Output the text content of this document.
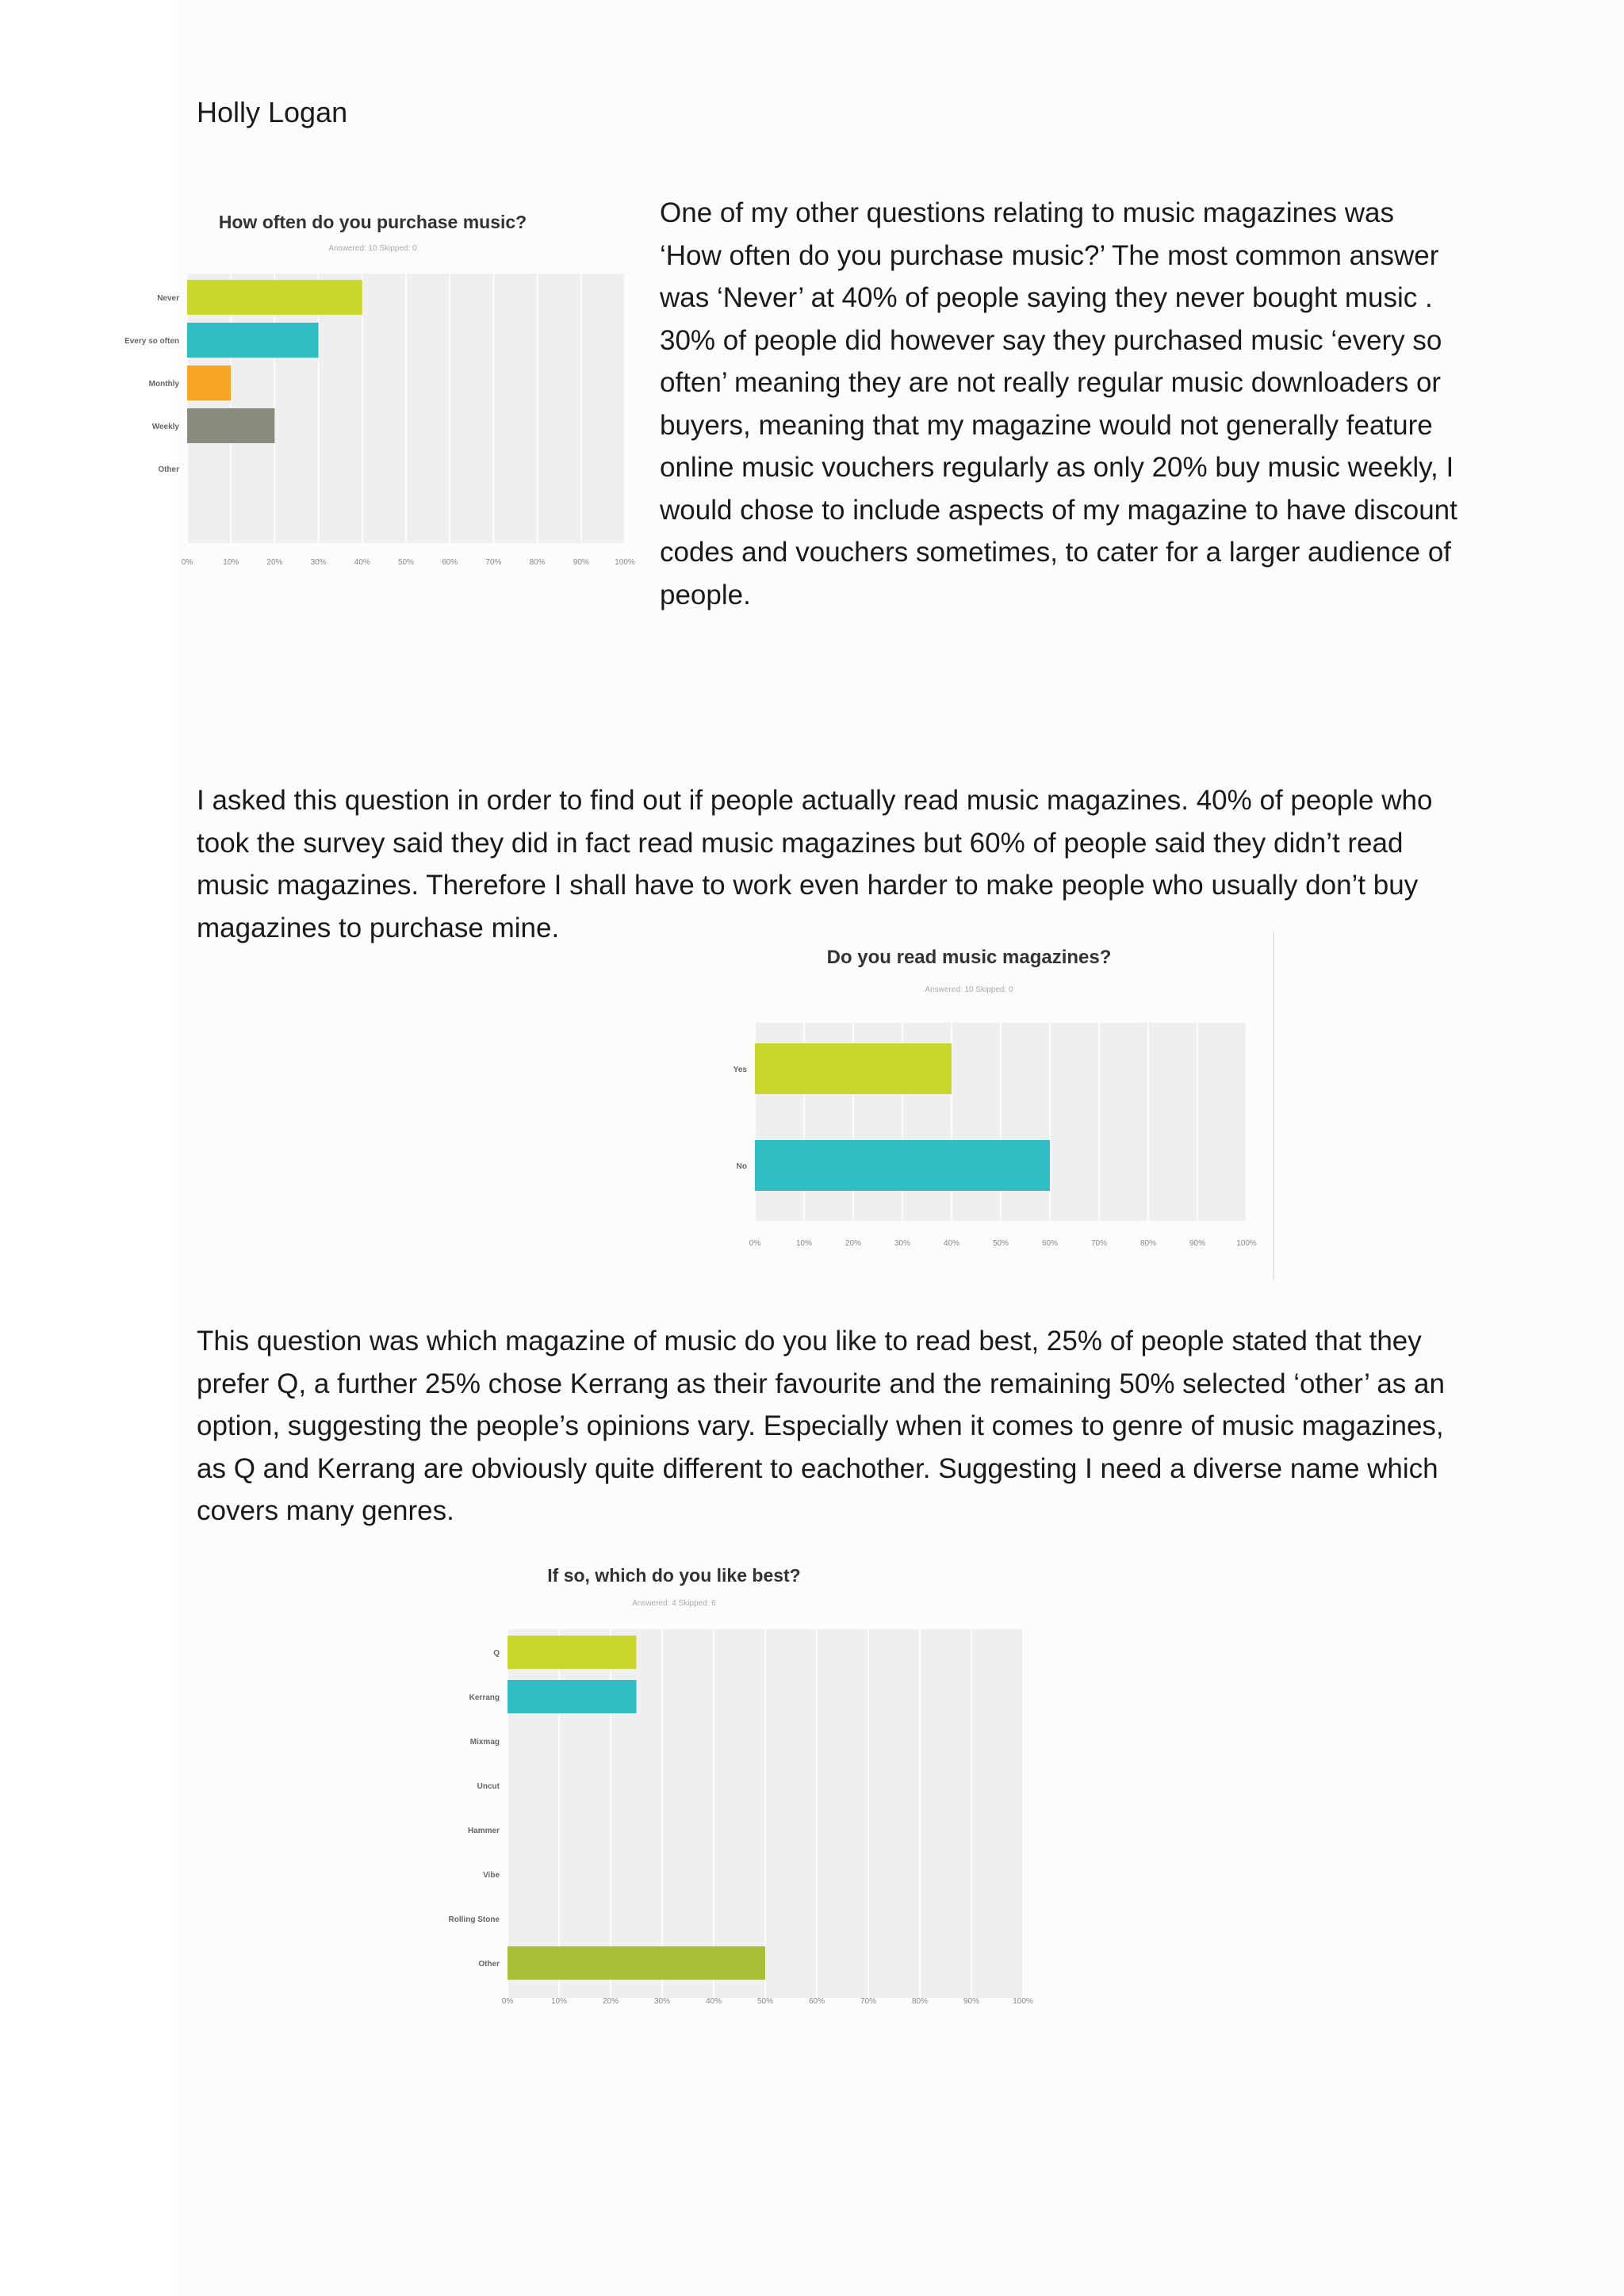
Holly Logan

One of my other questions relating to music magazines was ‘How often do you purchase music?’ The most common answer was ‘Never’ at 40% of people saying they never bought music . 30% of people did however say they purchased music ‘every so often’ meaning they are not really regular music downloaders or buyers, meaning that my magazine would not generally feature online music vouchers regularly as only 20% buy music weekly, I would chose to include aspects of my magazine to have discount codes and vouchers sometimes, to cater for a larger audience of people.

I asked this question in order to find out if people actually read music magazines. 40% of people who took the survey said they did in fact read music magazines but 60% of people said they didn’t read music magazines. Therefore I shall have to work even harder to make people who usually don’t buy magazines to purchase mine.

This question was which magazine of music do you like to read best, 25% of people stated that they prefer Q, a further 25% chose Kerrang as their favourite and the remaining 50% selected ‘other’ as an option, suggesting the people’s opinions vary. Especially when it comes to genre of music magazines, as Q and Kerrang are obviously quite different to eachother. Suggesting I need a diverse name which covers many genres.

How often do you purchase music?
Answered: 10 Skipped: 0
0%	10%	20%	30%	40%	50%	60%	70%	80%	90%	100%
Never
Every so often
Monthly
Weekly
Other
Do you read music magazines?
Answered: 10 Skipped: 0
0%	10%	20%	30%	40%	50%	60%	70%	80%	90%	100%
Yes
No
If so, which do you like best?
Answered: 4 Skipped: 6
0%	10%	20%	30%	40%	50%	60%	70%	80%	90%	100%
Q
Kerrang
Mixmag
Uncut
Hammer
Vibe
Rolling Stone
Other
